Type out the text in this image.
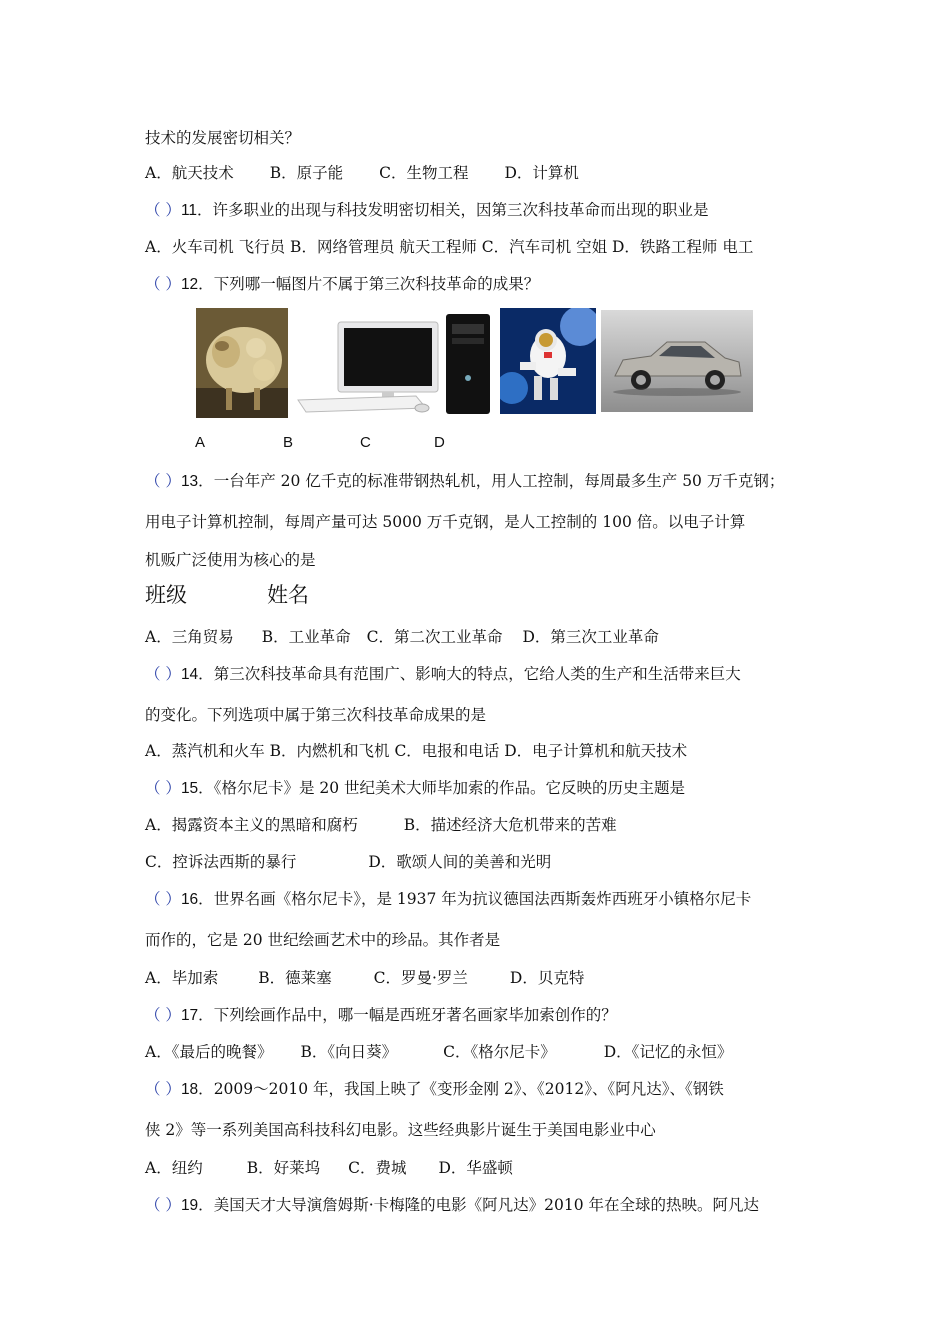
技术的发展密切相关？
A．航天技术 B．原子能 C．生物工程 D．计算机
（ ）11．许多职业的出现与科技发明密切相关，因第三次科技革命而出现的职业是
A．火车司机 飞行员 B．网络管理员 航天工程师 C．汽车司机 空姐 D．铁路工程师 电工
（ ）12．下列哪一幅图片不属于第三次科技革命的成果？
A	B	C	D
（ ）13．一台年产 20 亿千克的标准带钢热轧机，用人工控制，每周最多生产 50 万千克钢；
用电子计算机控制，每周产量可达 5000 万千克钢，是人工控制的 100 倍。以电子计算
机贩广泛使用为核心的是
班级	姓名
A．三角贸易 B．工业革命 C．第二次工业革命 D．第三次工业革命
（ ）14．第三次科技革命具有范围广、影响大的特点，它给人类的生产和生活带来巨大
的变化。下列选项中属于第三次科技革命成果的是
A．蒸汽机和火车 B．内燃机和飞机 C．电报和电话 D．电子计算机和航天技术
（ ）15．《格尔尼卡》是 20 世纪美术大师毕加索的作品。它反映的历史主题是
A．揭露资本主义的黑暗和腐朽	B．描述经济大危机带来的苦难
C．控诉法西斯的暴行	D．歌颂人间的美善和光明
（ ）16．世界名画《格尔尼卡》，是 1937 年为抗议德国法西斯轰炸西班牙小镇格尔尼卡
而作的，它是 20 世纪绘画艺术中的珍品。其作者是
A．毕加索	B．德莱塞	C．罗曼·罗兰	D．贝克特
（ ）17．下列绘画作品中，哪一幅是西班牙著名画家毕加索创作的？
A．《最后的晚餐》 B．《向日葵》	C．《格尔尼卡》	D．《记忆的永恒》
（ ）18．2009～2010 年，我国上映了《变形金刚 2》、《2012》、《阿凡达》、《钢铁
侠 2》等一系列美国高科技科幻电影。这些经典影片诞生于美国电影业中心
A．纽约	B．好莱坞 C．费城 D．华盛顿
（ ）19．美国天才大导演詹姆斯·卡梅隆的电影《阿凡达》2010 年在全球的热映。阿凡达
